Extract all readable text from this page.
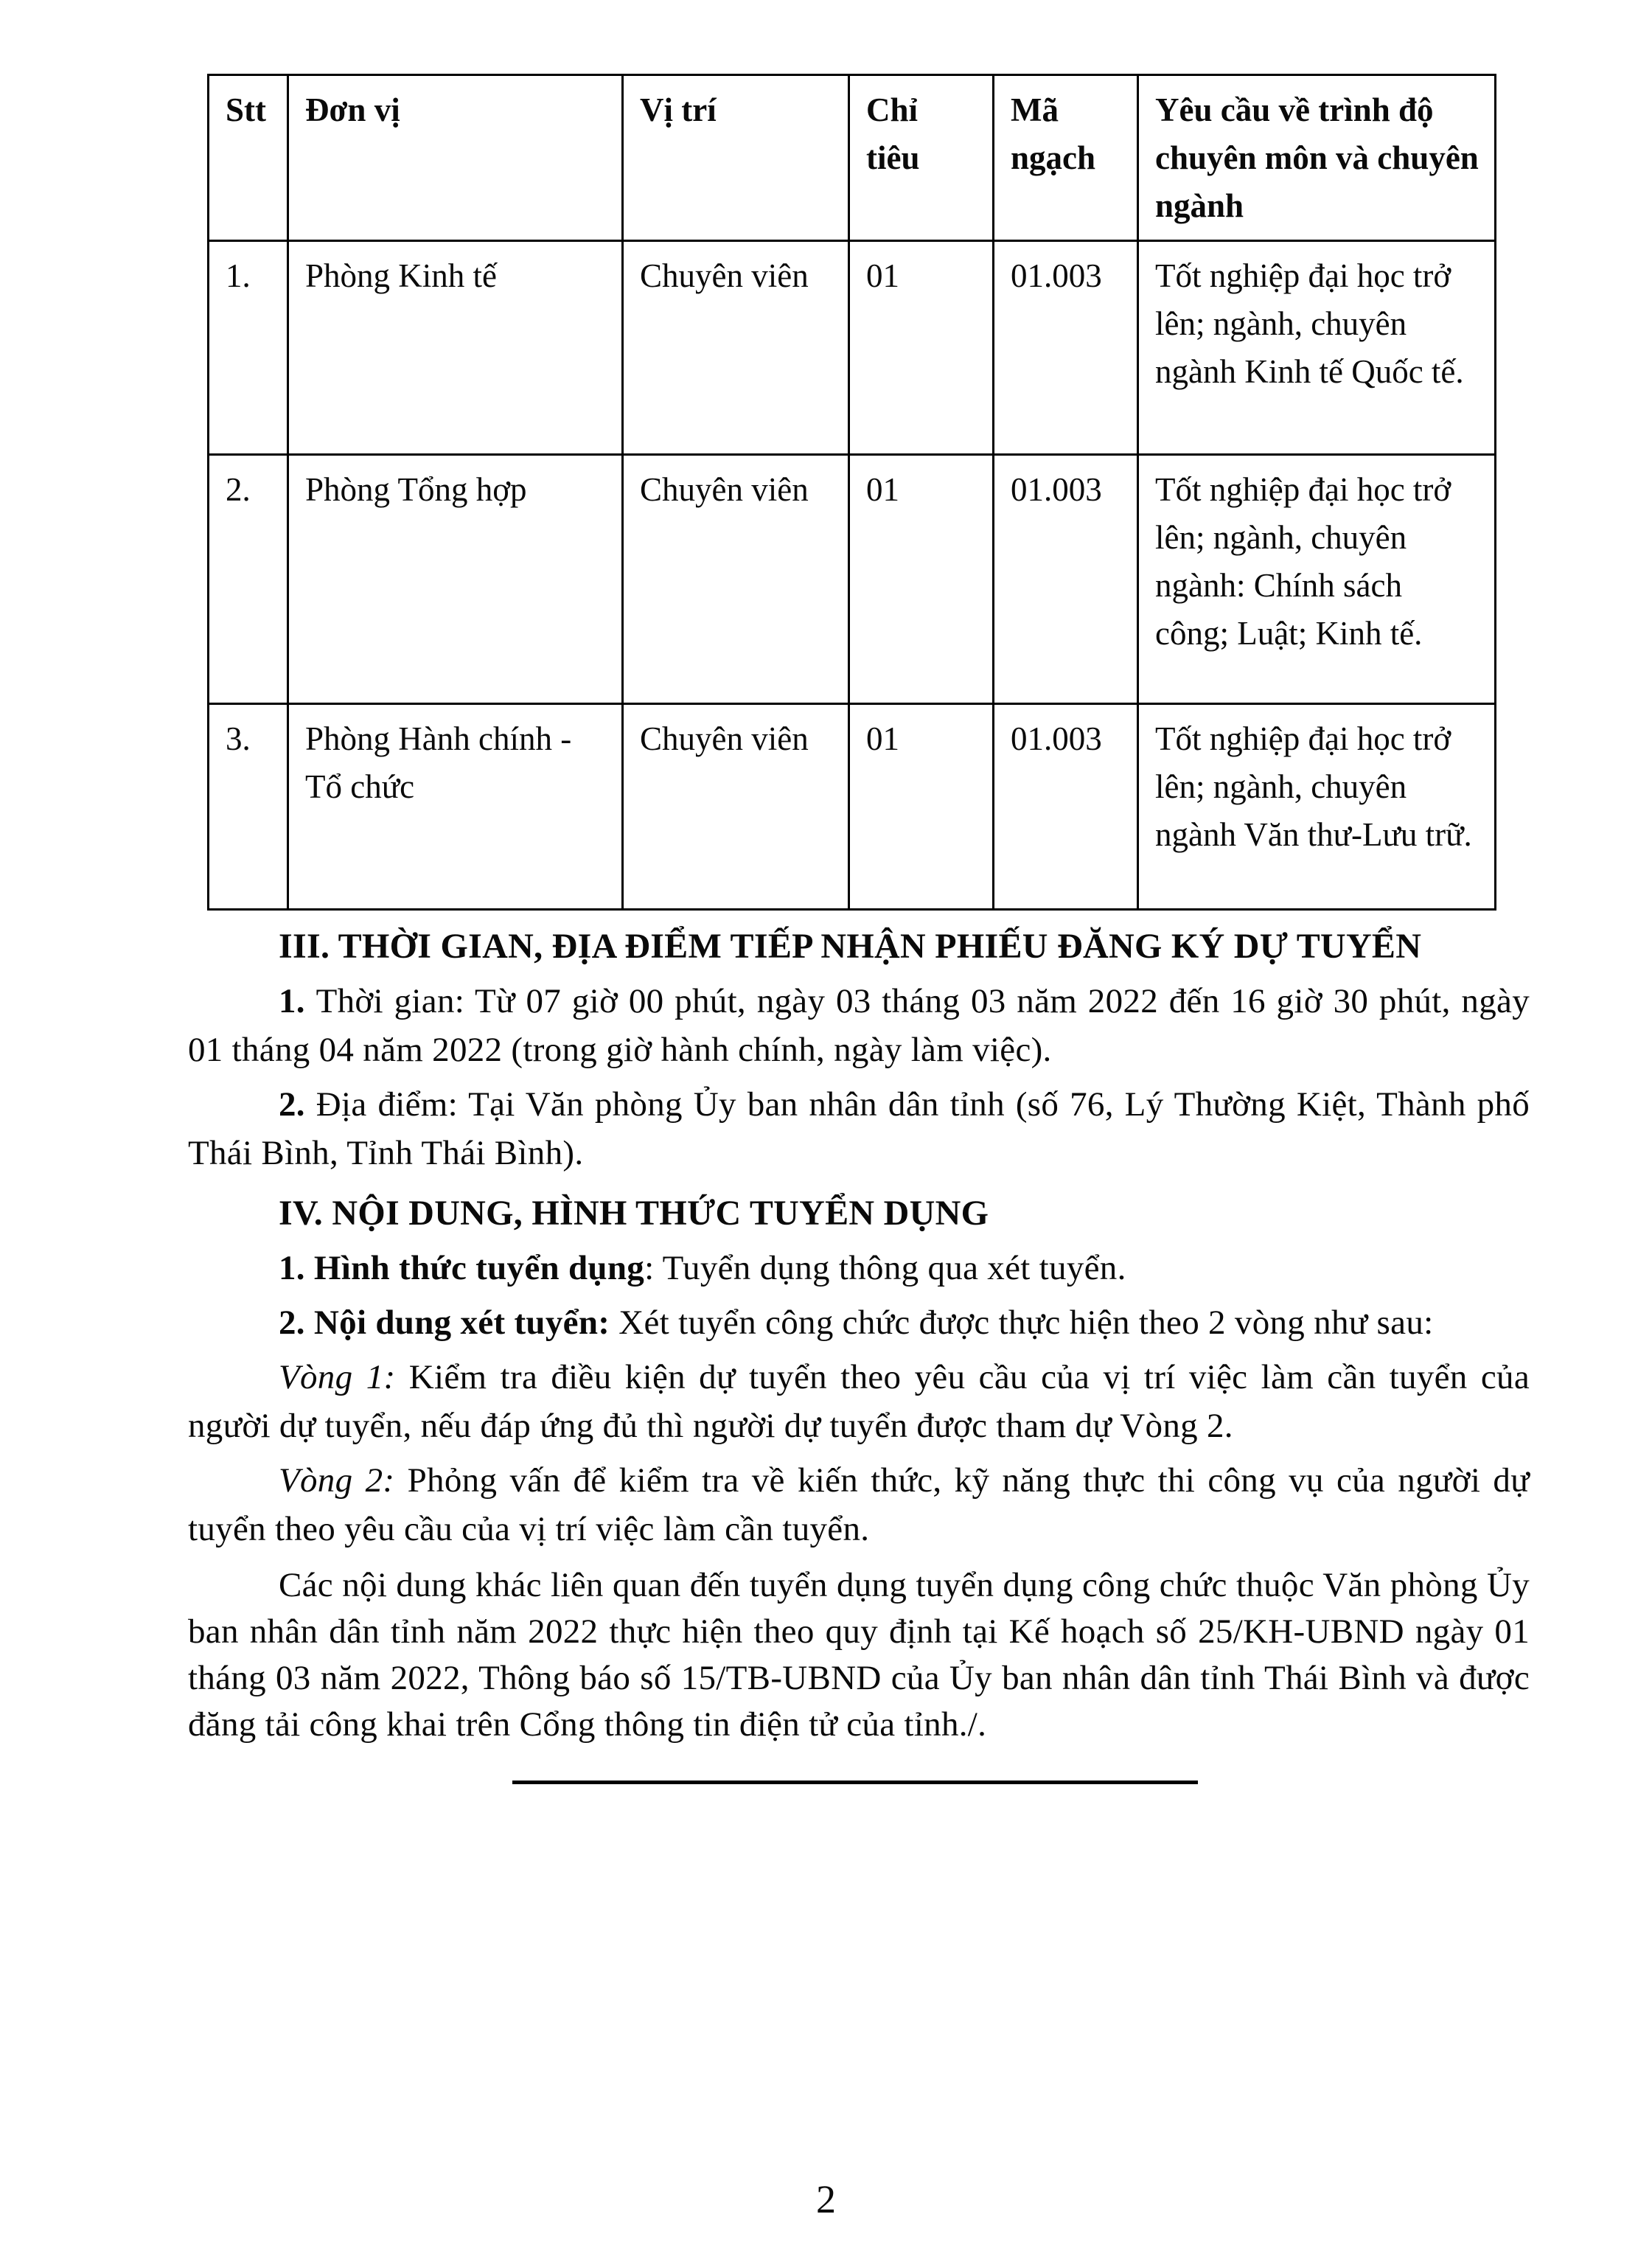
Stt	Đơn vị	Vị trí	Chỉ tiêu	Mã ngạch	Yêu cầu về trình độ chuyên môn và chuyên ngành
1.	Phòng Kinh tế	Chuyên viên	01	01.003	Tốt nghiệp đại học trở lên; ngành, chuyên ngành Kinh tế Quốc tế.
2.	Phòng Tổng hợp	Chuyên viên	01	01.003	Tốt nghiệp đại học trở lên; ngành, chuyên ngành: Chính sách công; Luật; Kinh tế.
3.	Phòng Hành chính - Tổ chức	Chuyên viên	01	01.003	Tốt nghiệp đại học trở lên; ngành, chuyên ngành Văn thư-Lưu trữ.

III. THỜI GIAN, ĐỊA ĐIỂM TIẾP NHẬN PHIẾU ĐĂNG KÝ DỰ TUYỂN

1. Thời gian: Từ 07 giờ 00 phút, ngày 03 tháng 03 năm 2022 đến 16 giờ 30 phút, ngày 01 tháng 04 năm 2022 (trong giờ hành chính, ngày làm việc).

2. Địa điểm: Tại Văn phòng Ủy ban nhân dân tỉnh (số 76, Lý Thường Kiệt, Thành phố Thái Bình, Tỉnh Thái Bình).

IV. NỘI DUNG, HÌNH THỨC TUYỂN DỤNG

1. Hình thức tuyển dụng: Tuyển dụng thông qua xét tuyển.

2. Nội dung xét tuyển: Xét tuyển công chức được thực hiện theo 2 vòng như sau:

Vòng 1: Kiểm tra điều kiện dự tuyển theo yêu cầu của vị trí việc làm cần tuyển của người dự tuyển, nếu đáp ứng đủ thì người dự tuyển được tham dự Vòng 2.

Vòng 2: Phỏng vấn để kiểm tra về kiến thức, kỹ năng thực thi công vụ của người dự tuyển theo yêu cầu của vị trí việc làm cần tuyển.

Các nội dung khác liên quan đến tuyển dụng tuyển dụng công chức thuộc Văn phòng Ủy ban nhân dân tỉnh năm 2022 thực hiện theo quy định tại Kế hoạch số 25/KH-UBND ngày 01 tháng 03 năm 2022, Thông báo số 15/TB-UBND của Ủy ban nhân dân tỉnh Thái Bình và được đăng tải công khai trên Cổng thông tin điện tử của tỉnh./.

2
